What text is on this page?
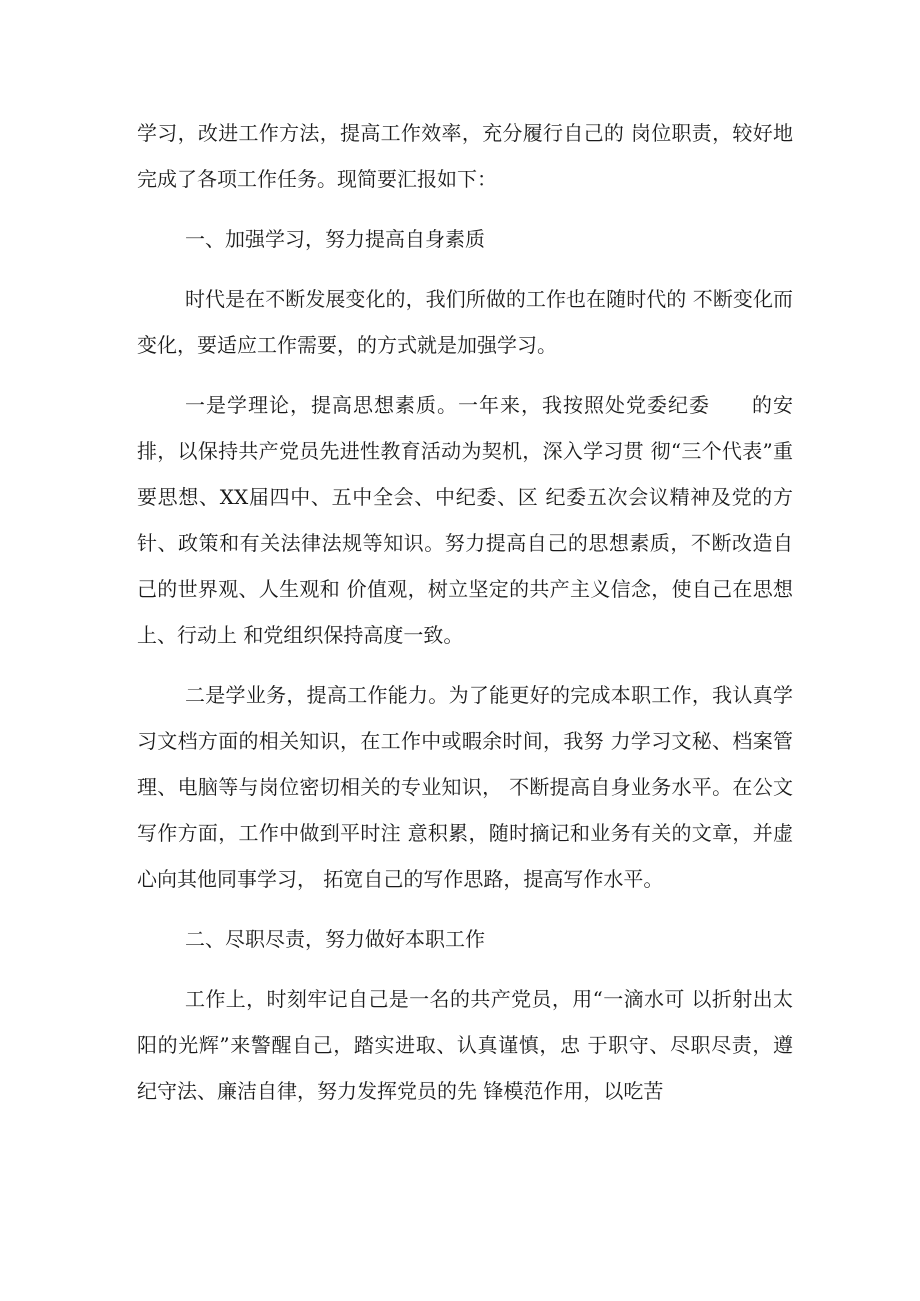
学习，改进工作方法，提高工作效率，充分履行自己的 岗位职责，较好地完成了各项工作任务。现简要汇报如下：

一、加强学习，努力提高自身素质

时代是在不断发展变化的，我们所做的工作也在随时代的 不断变化而变化，要适应工作需要，的方式就是加强学习。

一是学理论，提高思想素质。一年来，我按照处党委纪委　　的安排，以保持共产党员先进性教育活动为契机，深入学习贯 彻“三个代表”重要思想、XX届四中、五中全会、中纪委、区 纪委五次会议精神及党的方针、政策和有关法律法规等知识。努力提高自己的思想素质，不断改造自己的世界观、人生观和 价值观，树立坚定的共产主义信念，使自己在思想上、行动上 和党组织保持高度一致。

二是学业务，提高工作能力。为了能更好的完成本职工作，我认真学习文档方面的相关知识，在工作中或暇余时间，我努 力学习文秘、档案管理、电脑等与岗位密切相关的专业知识， 不断提高自身业务水平。在公文写作方面，工作中做到平时注 意积累，随时摘记和业务有关的文章，并虚心向其他同事学习， 拓宽自己的写作思路，提高写作水平。

二、尽职尽责，努力做好本职工作

工作上，时刻牢记自己是一名的共产党员，用“一滴水可 以折射出太阳的光辉”来警醒自己，踏实进取、认真谨慎，忠 于职守、尽职尽责，遵纪守法、廉洁自律，努力发挥党员的先 锋模范作用，以吃苦
